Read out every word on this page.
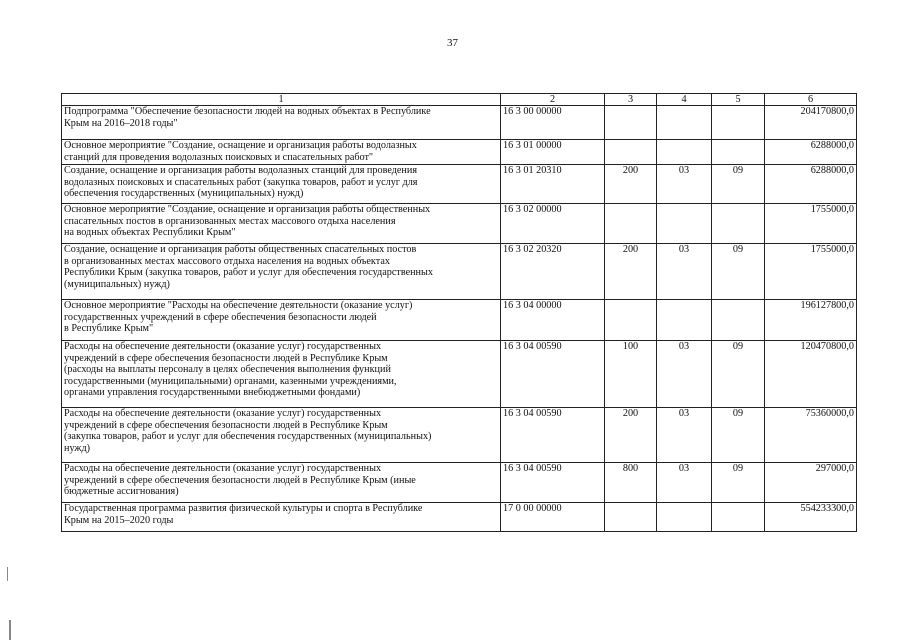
37
1	2	3	4	5	6
Подпрограмма "Обеспечение безопасности людей на водных объектах в Республике
Крым на 2016–2018 годы"	16 3 00 00000				204170800,0
Основное мероприятие "Создание, оснащение и организация работы водолазных
станций для проведения водолазных поисковых и спасательных работ"	16 3 01 00000				6288000,0
Создание, оснащение и организация работы водолазных станций для проведения
водолазных поисковых и спасательных работ (закупка товаров, работ и услуг для
обеспечения государственных (муниципальных) нужд)	16 3 01 20310	200	03	09	6288000,0
Основное мероприятие "Создание, оснащение и организация работы общественных
спасательных постов в организованных местах массового отдыха населения
на водных объектах Республики Крым"	16 3 02 00000				1755000,0
Создание, оснащение и организация работы общественных спасательных постов
в организованных местах массового отдыха населения на водных объектах
Республики Крым (закупка товаров, работ и услуг для обеспечения государственных
(муниципальных) нужд)	16 3 02 20320	200	03	09	1755000,0
Основное мероприятие "Расходы на обеспечение деятельности (оказание услуг)
государственных учреждений в сфере обеспечения безопасности людей
в Республике Крым"	16 3 04 00000				196127800,0
Расходы на обеспечение деятельности (оказание услуг) государственных
учреждений в сфере обеспечения безопасности людей в Республике Крым
(расходы на выплаты персоналу в целях обеспечения выполнения функций
государственными (муниципальными) органами, казенными учреждениями,
органами управления государственными внебюджетными фондами)	16 3 04 00590	100	03	09	120470800,0
Расходы на обеспечение деятельности (оказание услуг) государственных
учреждений в сфере обеспечения безопасности людей в Республике Крым
(закупка товаров, работ и услуг для обеспечения государственных (муниципальных)
нужд)	16 3 04 00590	200	03	09	75360000,0
Расходы на обеспечение деятельности (оказание услуг) государственных
учреждений в сфере обеспечения безопасности людей в Республике Крым (иные
бюджетные ассигнования)	16 3 04 00590	800	03	09	297000,0
Государственная программа развития физической культуры и спорта в Республике
Крым на 2015–2020 годы	17 0 00 00000				554233300,0
